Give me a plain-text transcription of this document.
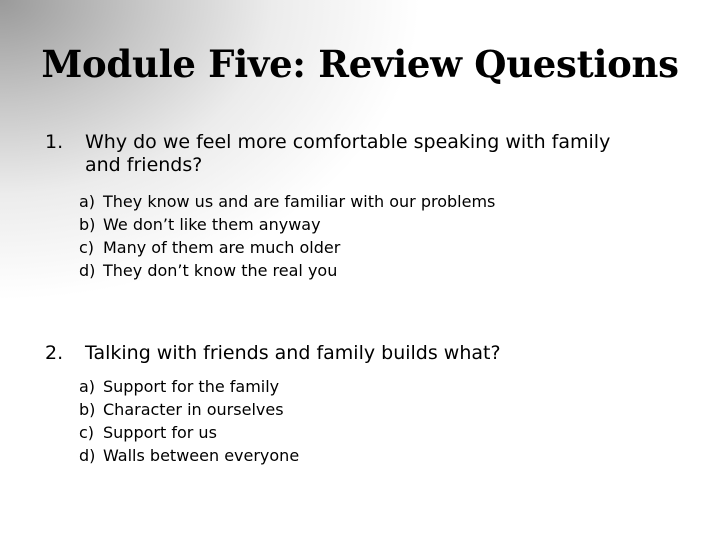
Module Five: Review Questions
1. Why do we feel more comfortable speaking with family and friends?
a) They know us and are familiar with our problems
b) We don’t like them anyway
c) Many of them are much older
d) They don’t know the real you
2. Talking with friends and family builds what?
a) Support for the family
b) Character in ourselves
c) Support for us
d) Walls between everyone
